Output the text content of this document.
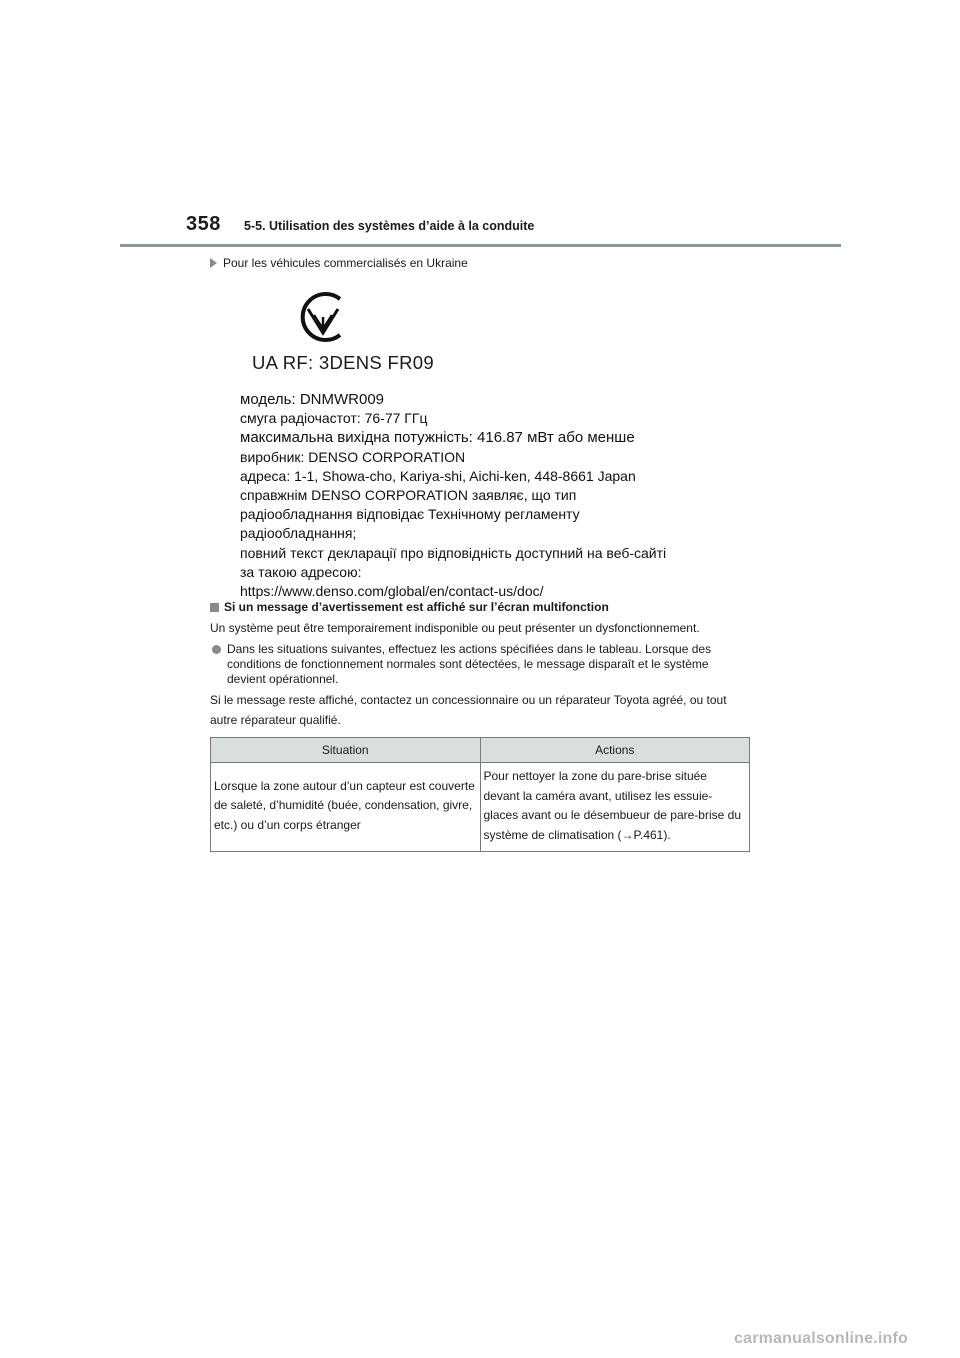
358 5-5. Utilisation des systèmes d’aide à la conduite
Pour les véhicules commercialisés en Ukraine
UA RF: 3DENS FR09
модель: DNMWR009
смуга радіочастот: 76-77 ГГц
максимальна вихідна потужність: 416.87 мВт або менше
виробник: DENSO CORPORATION
адреса: 1-1, Showa-cho, Kariya-shi, Aichi-ken, 448-8661 Japan
справжнім DENSO CORPORATION заявляє, що тип
радіообладнання відповідає Технічному регламенту
радіообладнання;
повний текст декларації про відповідність доступний на веб-сайті
за такою адресою:
https://www.denso.com/global/en/contact-us/doc/
Si un message d’avertissement est affiché sur l’écran multifonction
Un système peut être temporairement indisponible ou peut présenter un dysfonctionnement.
Dans les situations suivantes, effectuez les actions spécifiées dans le tableau. Lorsque des conditions de fonctionnement normales sont détectées, le message disparaît et le système devient opérationnel.
Si le message reste affiché, contactez un concessionnaire ou un réparateur Toyota agréé, ou tout autre réparateur qualifié.
Situation	Actions
Lorsque la zone autour d’un capteur est couverte de saleté, d’humidité (buée, condensation, givre, etc.) ou d’un corps étranger	Pour nettoyer la zone du pare-brise située devant la caméra avant, utilisez les essuie-glaces avant ou le désembueur de pare-brise du système de climatisation (→P.461).
carmanualsonline.info
